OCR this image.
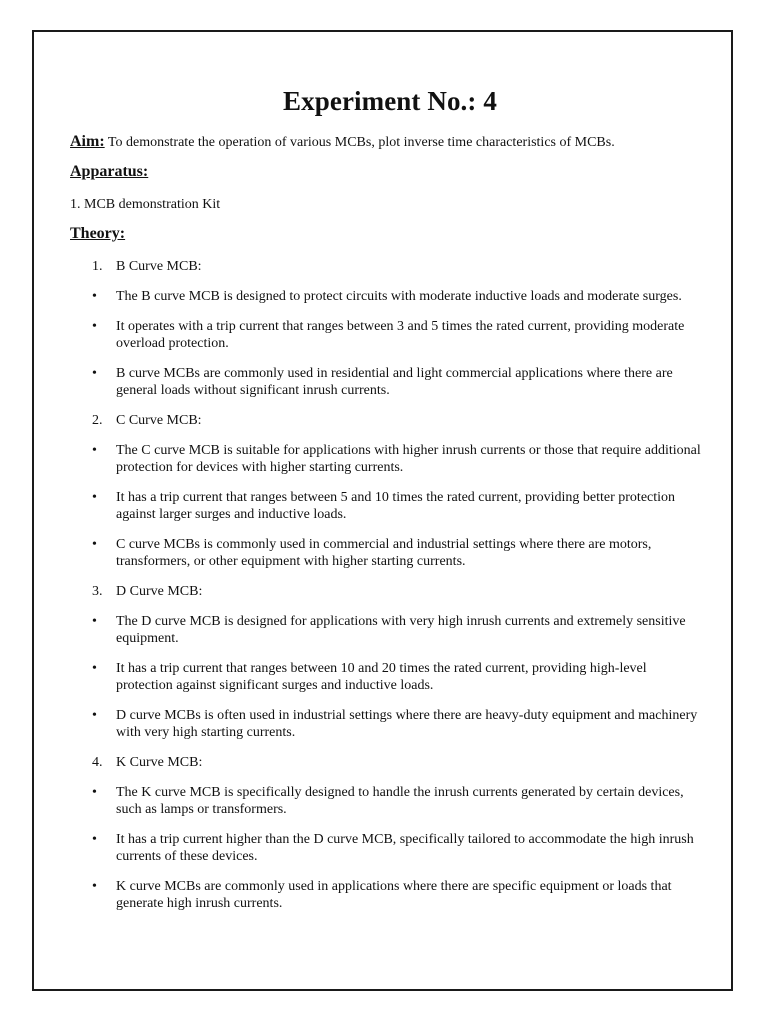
Experiment No.: 4

Aim: To demonstrate the operation of various MCBs, plot inverse time characteristics of MCBs.

Apparatus:

1. MCB demonstration Kit

Theory:
1. B Curve MCB:
•	The B curve MCB is designed to protect circuits with moderate inductive loads and moderate surges.
•	It operates with a trip current that ranges between 3 and 5 times the rated current, providing moderate overload protection.
•	B curve MCBs are commonly used in residential and light commercial applications where there are general loads without significant inrush currents.
2. C Curve MCB:
•	The C curve MCB is suitable for applications with higher inrush currents or those that require additional protection for devices with higher starting currents.
•	It has a trip current that ranges between 5 and 10 times the rated current, providing better protection against larger surges and inductive loads.
•	C curve MCBs is commonly used in commercial and industrial settings where there are motors, transformers, or other equipment with higher starting currents.
3. D Curve MCB:
•	The D curve MCB is designed for applications with very high inrush currents and extremely sensitive equipment.
•	It has a trip current that ranges between 10 and 20 times the rated current, providing high-level protection against significant surges and inductive loads.
•	D curve MCBs is often used in industrial settings where there are heavy-duty equipment and machinery with very high starting currents.
4. K Curve MCB:
•	The K curve MCB is specifically designed to handle the inrush currents generated by certain devices, such as lamps or transformers.
•	It has a trip current higher than the D curve MCB, specifically tailored to accommodate the high inrush currents of these devices.
•	K curve MCBs are commonly used in applications where there are specific equipment or loads that generate high inrush currents.
